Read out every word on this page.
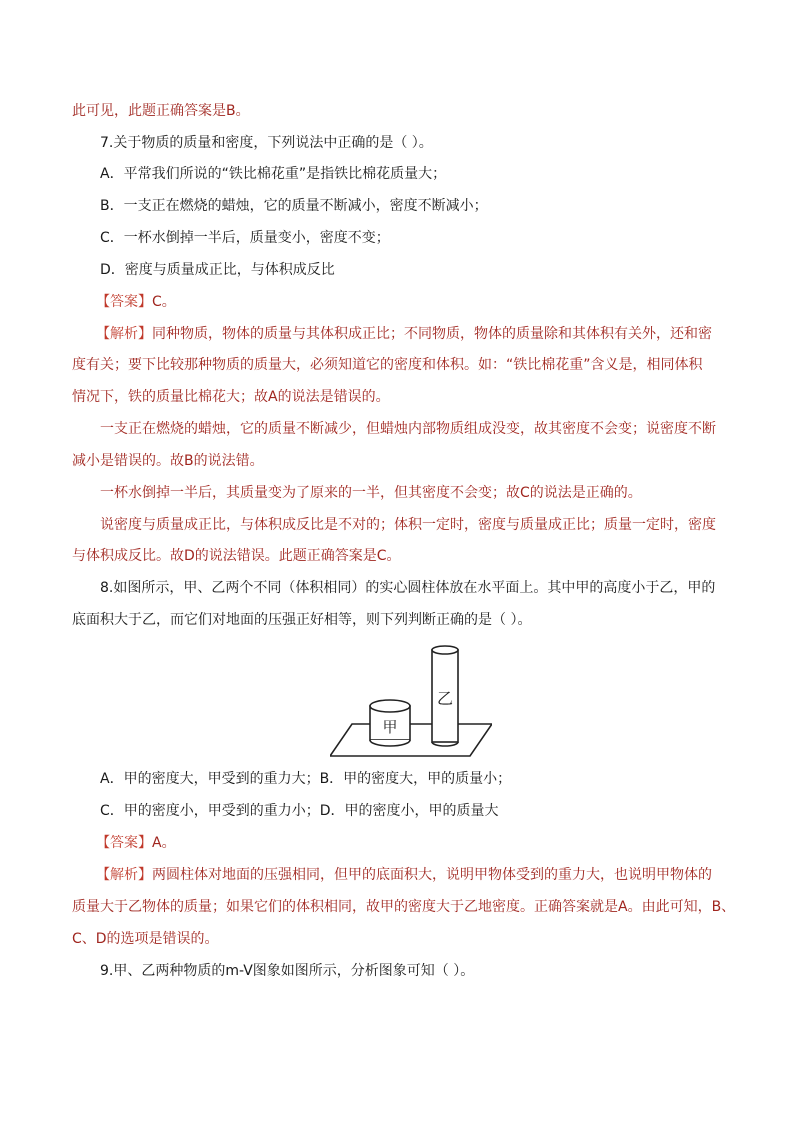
此可见，此题正确答案是B。
7.关于物质的质量和密度，下列说法中正确的是（ ）。
A．平常我们所说的“铁比棉花重”是指铁比棉花质量大；
B．一支正在燃烧的蜡烛，它的质量不断减小，密度不断减小；
C．一杯水倒掉一半后，质量变小，密度不变；
D．密度与质量成正比，与体积成反比
【答案】C。
【解析】同种物质，物体的质量与其体积成正比；不同物质，物体的质量除和其体积有关外，还和密
度有关；要下比较那种物质的质量大，必须知道它的密度和体积。如：“铁比棉花重”含义是，相同体积
情况下，铁的质量比棉花大；故A的说法是错误的。
一支正在燃烧的蜡烛，它的质量不断减少，但蜡烛内部物质组成没变，故其密度不会变；说密度不断
减小是错误的。故B的说法错。
一杯水倒掉一半后，其质量变为了原来的一半，但其密度不会变；故C的说法是正确的。
说密度与质量成正比，与体积成反比是不对的；体积一定时，密度与质量成正比；质量一定时，密度
与体积成反比。故D的说法错误。此题正确答案是C。
8.如图所示，甲、乙两个不同（体积相同）的实心圆柱体放在水平面上。其中甲的高度小于乙，甲的
底面积大于乙，而它们对地面的压强正好相等，则下列判断正确的是（ ）。
乙
甲
A．甲的密度大，甲受到的重力大；B．甲的密度大，甲的质量小；
C．甲的密度小，甲受到的重力小；D．甲的密度小，甲的质量大
【答案】A。
【解析】两圆柱体对地面的压强相同，但甲的底面积大，说明甲物体受到的重力大，也说明甲物体的
质量大于乙物体的质量；如果它们的体积相同，故甲的密度大于乙地密度。正确答案就是A。由此可知，B、
C、D的选项是错误的。
9.甲、乙两种物质的m-V图象如图所示，分析图象可知（ ）。
